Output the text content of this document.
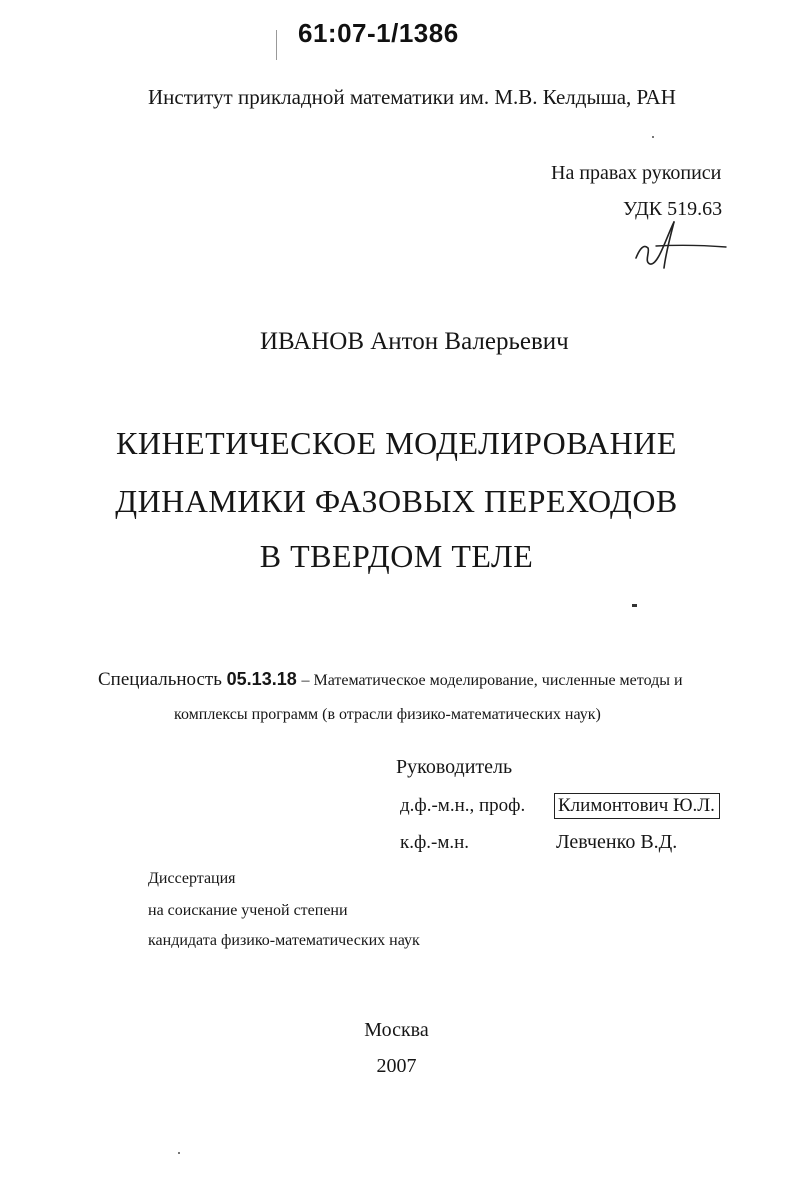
61:07-1/1386
Институт прикладной математики им. М.В. Келдыша, РАН
На правах рукописи
УДК 519.63
ИВАНОВ Антон Валерьевич
КИНЕТИЧЕСКОЕ МОДЕЛИРОВАНИЕ
ДИНАМИКИ ФАЗОВЫХ ПЕРЕХОДОВ
В ТВЕРДОМ ТЕЛЕ
Специальность 05.13.18 – Математическое моделирование, численные методы и
комплексы программ (в отрасли физико-математических наук)
Руководитель
д.ф.-м.н., проф. Климонтович Ю.Л.
к.ф.-м.н.	Левченко В.Д.
Диссертация
на соискание ученой степени
кандидата физико-математических наук
Москва
2007
